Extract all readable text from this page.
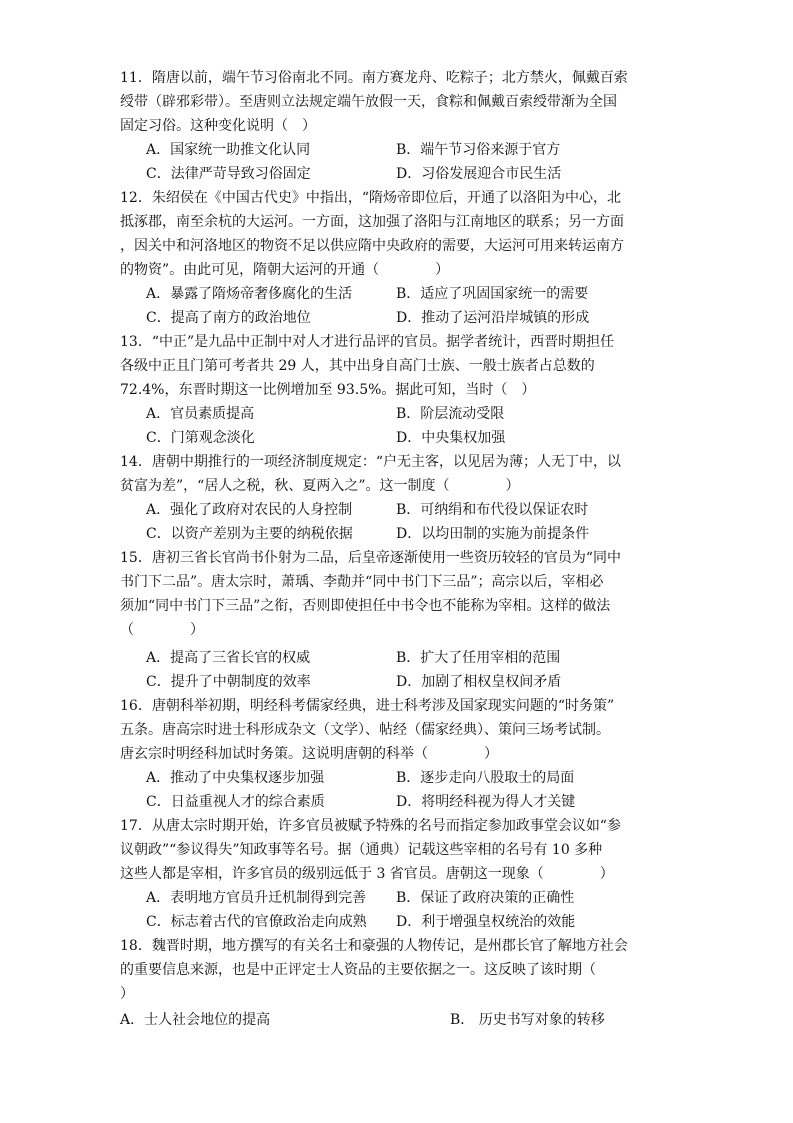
11．隋唐以前，端午节习俗南北不同。南方赛龙舟、吃粽子；北方禁火，佩戴百索
绶带（辟邪彩带）。至唐则立法规定端午放假一天，食粽和佩戴百索绶带渐为全国
固定习俗。这种变化说明（　）
A．国家统一助推文化认同	B．端午节习俗来源于官方
C．法律严苛导致习俗固定	D．习俗发展迎合市民生活
12．朱绍侯在《中国古代史》中指出，“隋炀帝即位后，开通了以洛阳为中心，北
抵涿郡，南至余杭的大运河。一方面，这加强了洛阳与江南地区的联系；另一方面
，因关中和河洛地区的物资不足以供应隋中央政府的需要，大运河可用来转运南方
的物资”。由此可见，隋朝大运河的开通（　　　　）
A．暴露了隋炀帝奢侈腐化的生活	B．适应了巩固国家统一的需要
C．提高了南方的政治地位	D．推动了运河沿岸城镇的形成
13．“中正”是九品中正制中对人才进行品评的官员。据学者统计，西晋时期担任
各级中正且门第可考者共 29 人，其中出身自高门士族、一般士族者占总数的
72.4%，东晋时期这一比例增加至 93.5%。据此可知，当时（　）
A．官员素质提高	B．阶层流动受限
C．门第观念淡化	D．中央集权加强
14．唐朝中期推行的一项经济制度规定：“户无主客，以见居为薄；人无丁中，以
贫富为差”，“居人之税，秋、夏两入之”。这一制度（　　　　）
A．强化了政府对农民的人身控制	B．可纳绢和布代役以保证农时
C．以资产差别为主要的纳税依据	D．以均田制的实施为前提条件
15．唐初三省长官尚书仆射为二品，后皇帝逐渐使用一些资历较轻的官员为“同中
书门下二品”。唐太宗时，萧瑀、李勣并“同中书门下三品”；高宗以后，宰相必
须加“同中书门下三品”之衔，否则即使担任中书令也不能称为宰相。这样的做法
（　　　　）
A．提高了三省长官的权威	B．扩大了任用宰相的范围
C．提升了中朝制度的效率	D．加剧了相权皇权间矛盾
16．唐朝科举初期，明经科考儒家经典，进士科考涉及国家现实问题的“时务策”
五条。唐高宗时进士科形成杂文（文学）、帖经（儒家经典）、策问三场考试制。
唐玄宗时明经科加试时务策。这说明唐朝的科举（　　　　）
A．推动了中央集权逐步加强	B．逐步走向八股取士的局面
C．日益重视人才的综合素质	D．将明经科视为得人才关键
17．从唐太宗时期开始，许多官员被赋予特殊的名号而指定参加政事堂会议如“参
议朝政”“参议得失”知政事等名号。据（通典）记载这些宰相的名号有 10 多种
这些人都是宰相，许多官员的级别远低于 3 省官员。唐朝这一现象（　　　　）
A．表明地方官员升迁机制得到完善 B．保证了政府决策的正确性
C．标志着古代的官僚政治走向成熟 D．利于增强皇权统治的效能
18．魏晋时期，地方撰写的有关名士和豪强的人物传记，是州郡长官了解地方社会
的重要信息来源，也是中正评定士人资品的主要依据之一。这反映了该时期（
）
A．士人社会地位的提高	B． 历史书写对象的转移
